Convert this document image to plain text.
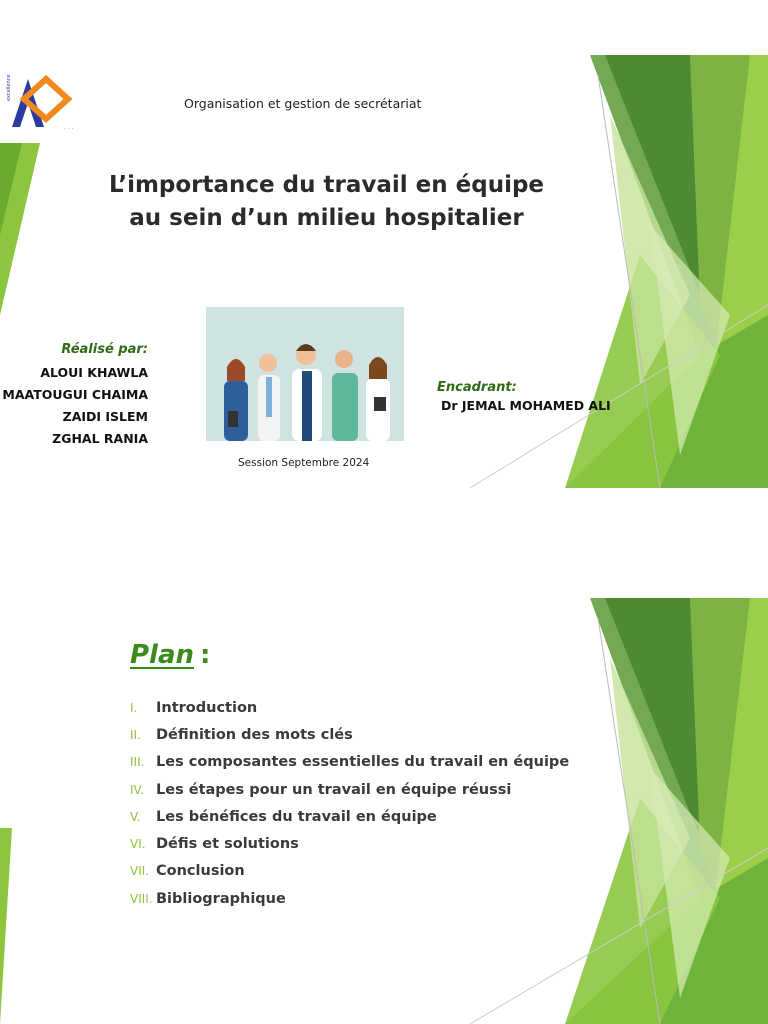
. . .
excellence
Organisation et gestion de secrétariat
L’importance du travail en équipe
au sein d’un milieu hospitalier
Réalisé par:
ALOUI KHAWLA
MAATOUGUI CHAIMA
ZAIDI ISLEM
ZGHAL RANIA
Session Septembre 2024
Encadrant:
Dr JEMAL MOHAMED ALI
Plan :
I.	Introduction
II.	Définition des mots clés
III. Les composantes essentielles du travail en équipe
IV. Les étapes pour un travail en équipe réussi
V.	Les bénéfices du travail en équipe
VI. Défis et solutions
VII. Conclusion
VIII. Bibliographique
